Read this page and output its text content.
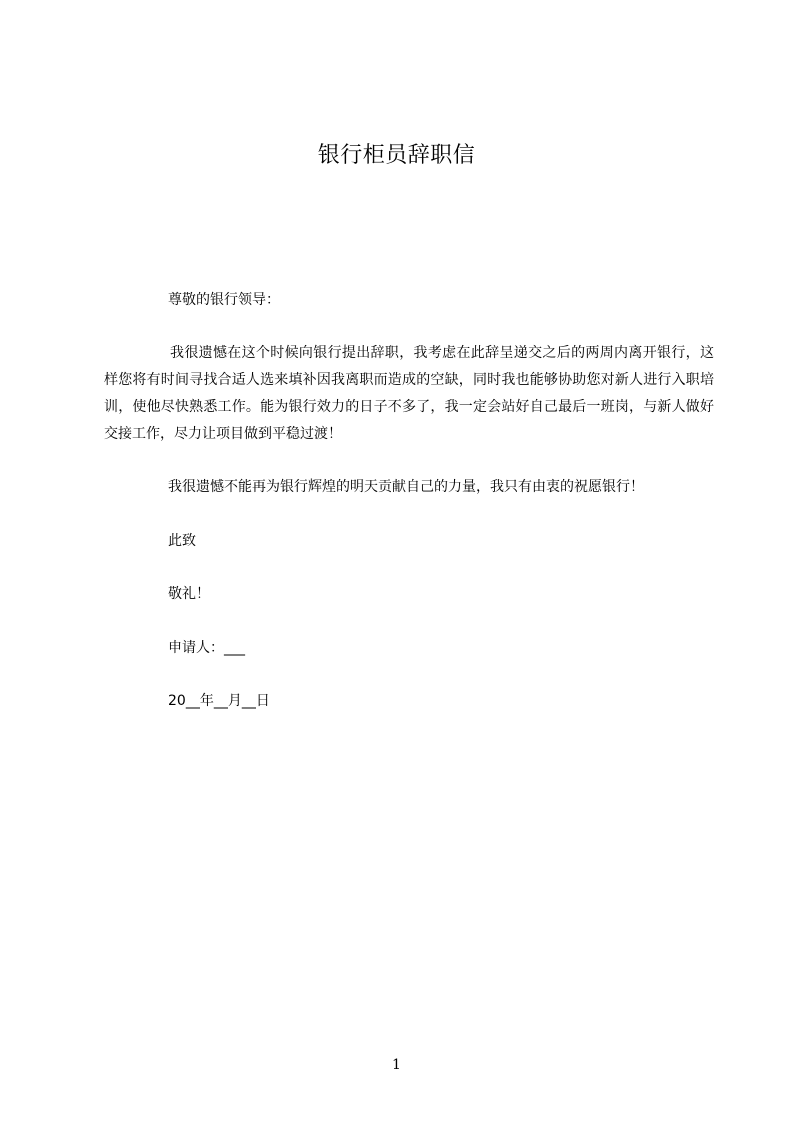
银行柜员辞职信
尊敬的银行领导：
我很遗憾在这个时候向银行提出辞职，我考虑在此辞呈递交之后的两周内离开银行，这样您将有时间寻找合适人选来填补因我离职而造成的空缺，同时我也能够协助您对新人进行入职培训，使他尽快熟悉工作。能为银行效力的日子不多了，我一定会站好自己最后一班岗，与新人做好交接工作，尽力让项目做到平稳过渡！
我很遗憾不能再为银行辉煌的明天贡献自己的力量，我只有由衷的祝愿银行！
此致
敬礼！
申请人：___
20__年__月__日
1
